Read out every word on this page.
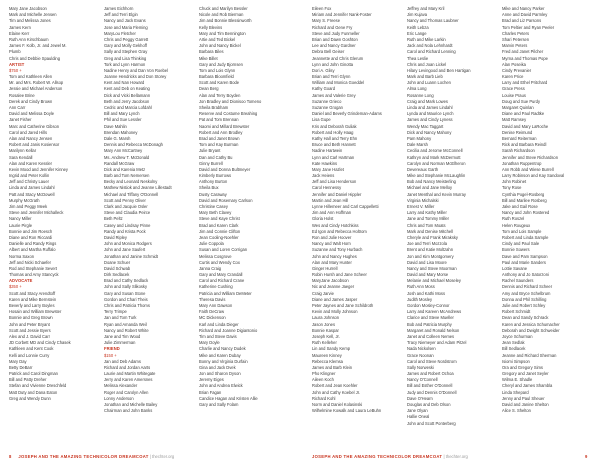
Mary Jane Jacobson
Mark and Michelle Jensen
Tim and Melissa Jones
James Kern
Elaine Kerr
Ruth Ann Kirschbaum
James F. Kolb, Jr. and Jewel M.
Plumb
Chris and Debbie Spaulding
ARTIST
$750 +
Tom and Kathleen Allen
Mr. and Mrs. Robert W. Allsop
Jessie and Michael Anderson
Rosalee Brine
Derek and Cindy Brown
Ann Carr
David and Melissa Doyle
Janet Fisher
Marc and Catherine Gibson
Carol and Jared Hills
Alan and Nancy Jensen
Robert and Janis Kosiensor
Marilynn Kellar
Sara Kendall
Alan and Karen Kessler
Kevin Mood and Jennifer Kinney
Ingrid and Peter Kollin
Jeff and Christy Lauer
Linda and James Lindahl
Patt and Stacy McDowell
Murphy McGrath
Jim and Peggy Meek
Steve and Jennifer Michalleck
Nancy Miller
Laurie Pirgle
Bonnie and Jim Roesch
Diane and Ron Riccardi
Danielle and Randy Rings
Albert and Martha Ruffalo
Norma Saxon
Jeff and Nicki Schaefer
Rod and Stephanie Severt
Thomas and Amy Stancyck
ADVOCATE
$350 +
Scott and Stacy Arendtoff
Karen and Mike Bernstein
Beverly and Larry Boyles
Hosain and William Brewster
Bonnie and Greg Brown
John and Peter Bryant
Scott and Jessie Byers
Alex and J. David Carr
JD Corbett MD and Cindy Chasek
Kathleen and Kent Cook
Kelli and Lonnie Curry
Mary Day
Betty DeBarr
Patrick and Carol Dingman
Bill and Patty Dreher
Stefan and Vivienne Dreschfeld
Matt Duty and Dana Eaton
Greg and Wendy Dunn
James Eichhorn
Jeff and Terri Elgin
Nancy and Jack Evans
Jose and Maria Fleming
MaryLou Fletcher
Chris and Peggy Garrett
Gary and Molly Gekhoff
Sally and Stephen Gray
Greg and Lisa Thinking
Tork and Lynn Harmon
Nadine Henry and Dan Von Roebel
Joanne Hendricks and Don Storey
Kent and Nan Howard
Kent and Deb on Keating
Dick and Vicki Bellamann
Beth and Jerry Jacobson
Cedric and Marcia Lofdahl
Bill and Mary Lynch
Phil and Sue Lessler
Dave Mahlin
Brendan Mahoney
Dale G. Marsh
Dennis and Rebecca McDonagh
Mary Ann McCartney
Ms. Andrew T. McDonald
Randall McGraw
Dick and Karenia Metz
Barb and Tom Nemersen
Becky and Leonard Neskolny
Mathew Nistiok and Jeanne Lillestadt
Michael and Tiffany O'Donnell
Scott and Penny Oliver
Clark and Jacquie Osler
Steve and Claudia Peirce
Beth Peltz
Casey and Lindsay Pinne
Randy and Krista Pock
David Ripley
John and Monica Rodgers
John and Jane Saufert
Jonathan and Janine Schmidt
Doane Schuer
David Schwab
Dirk Sedlacek
Brad and Cathy Sedlack
John and Sally Slikosky
Gary and Susan Stone
Gordon and Chari Theis
Chris and Patricia Thoms
Terry Trimpe
Jan and Tom Turk
Ryan and Amanda Weil
Nancy and Robert White
Jane and Tim Wood
Julie Zimmerman
FRIEND
$150 +
Jan and Deb Adams
Richard and Jordan Aarts
Laurie and Martin Whitegate
Jerry and Karen Amersnes
Melissa Alexander
Roger and Carolyn Allen
Lonny Anderson
Jonathan and Michelle Bailey
Chairman and John Banks
Chuck and Marilyn Bessler
Nicole and Rob Bierman
Jim and Bonnie Blessinworth
Kelly Blevins
Mary and Tim Bennington
Artie and Ted Bickel
John and Nancy Bickel
Barbara Biles
Mike Billet
Gary and Judy Bjornsen
Tom and Lois Glynn
Barbara Bloomfield
Scott and Karen Bode
Dean Berg
Alan and Terry Boyden
Jon Bradley and Dionisoo Tomeno
Sheila Brabham
Reserve and Costume Breahing
Pat and Tom Brennan
Naomi and Millard Brewster
Robert and Ann Brodley
Brad and Janet Brown
Tom and Kay Burman
Julie Bryant
Dan and Cathy Bu
Ginny Burrell
David and Donna Bultmeyer
Kimberly Burrows
Anthony Burton
Sheila Bux
Dusty Caraway
David and Rosemary Carlson
Christine Casey
Mary Beth Clavey
Steve and Kaye Christ
Brad and Karen Clark
Jim and Connie Clifton
Jean Cooling-Noehler
Julie Coppola
Susan and Loren Corrigan
Melissa Cosgrove
Curtis and Wendy Cox
Janna Craig
Gary and Mary Crandall
Carol and Richard Crane
Katherine Cushing
Patricia and William DeMeter
Theresa Davis
Mary Ann Dawson
Faith DeCraw
MC Dickenson
Karl and Linda Dieger
Richard and Joanne Digiantonio
Tim and Steve Davis
Mary Doyle
Charlie and Nancy Dudek
Mike and Karen Dubay
Bonny and Virginia Durfain
Gina and Jack Dvek
Jon and Sharon Dyson
Jeremy Eiges
John and Andrea Elwick
Brian Fagan
Candice Hagan and Kristen Allie
Gary and Sally Folam
Eileen Fox
Miriam and Jennifer Nank-Foster
Mary S. Freese
Richard and Gene Fry
Steve and Judy Funmeller
Brian and Dawn Goshton
Lee and Nancy Gardner
Debra Bell Geiser
Jeannette and Chris Glerum
Lynn and John Ginotta
Dori A. Glisy
Brian and Terri Glynn
William and Monica Goeddel
Kathy Goard
James and Valerie Grey
Suzanne Grieco
Suzanne Grogan
Daniel and Beverly Grindeman-Adams
Lisa Gupe
Kris and Deborah Guliak
Robert and Holly Haag
Kathy Hall and Terry Ehn
Bruce and Beth Hannett
Nadine Hartwein
Lynn and Carl Hartman
Kate Hawkins
Mary Jane Hazlet
Jack Heiens
Jeff and Lisa Henderson
Carol Hennessy
Jennifer and Daniel Hippler
Martin and Jean Hill
Lynne Hillemeer and Carl Cappelletti
Jim and Ann Hoffman
Gloria Holst
Wes and Cindy Hotchkiss
Ed Igon and Rebecca Holtrom
Ron and Julie Hoover
Nancy and Walt Horn
Suzanne and Tony Hurbach
John and Nancy Hughes
Alan and Mary Hunter
Ginger Hurrell
Robin Hursh and Jane Scheer
MaryJane Jacobson
Nic and Jeanne Jaeger
Craig Jarvie
Diane and James Jasper
Peter Jaynes and Jane Schildroth
Kevin and Molly Johnson
Laura Johnson
Jason Jones
Bonnie Kaspar
Joseph Kell, Jr.
Ruth Kelleher
Lin and Sandy Kemp
Maureen Kinney
Rebecca Klemsa
James and Barb Klein
Pho Klingner
Aileen Koch
Robert and Jean Koehler
John and Cathy Koebel Jr.
Richard Kohl
Norm and Daniel Kolasinski
Wilhelmine Kowalk and Laura LeBuhn
Jeffrey and Mary Kril
Jim Kujava
Nancy and Thomas Laubner
Keith Lebza
Eric Lange
Ruth and Mike Larkin
Jack and Nola Lehnhardt
Carol and Richard Lenning
Thea Leslie
Chris and Joan Lickel
Hilary Levingood and Ben Hartigan
Mark and Barb Lieb
John and Luann Lochen
Alma Long
Rosanne Long
Craig and Mark Lowes
Linda and James Lindahl
Lynda and Maurice Lynch
James and Cindy Lyness
Wendy Mac Taggart
Dick and Nancy Mahony
Pam Mahony
Dale Marsh
Cecilia and Jerome McConnell
Kathryn and Mark McDermott
Carolyn and Norman McElheron
Devereaux Garth
Mike and Stephanie McLaughlin
Bob and Nancy Meisterling
Michael and Jane Melloy
Janet Menthal and Kevin Murray
Virginia Michalski
Ernest V. Miller
Larry and Kathy Miller
Jane and Tommy Miller
Chris and Tom Moats
Mark and Denise Mitchell
Cheryle and Frank Miraksky
Joe and Terri Mozzola
Brent and Katie Moltzahn
Jon and Kim Montgomery
David and Lisa Moore
Nancy and Steve Moorman
David and Mary Morse
Melanie and Michael Moseley
Ruth Ann Moss
Josh and Kathi Moss
Judith Mosley
Gordon Mosley-Connor
Larry and Kareen McAndrews
Clarice and Steve Mueller
Bob and Patricia Murphy
Margaret and Ronald Nelson
Janet and Colleen Nemes
Tracy Niemeyer and Adam Pitzel
Nada Nickolsen
Grace Noonan
Carol and Steve Nordstrom
Sally Norweski
James and Robert Ochoa
Nancy O'Connell
Bill and Esther O'Donnell
Judy and Dennis O'Donnell
Dave O'Hearn
Douglas and Deb Olson
Jane Olyan
Hallie Oneal
John and Scott Ponterberg
Mike and Nancy Parker
Anne and David Parmley
Brad and Liz Parsons
Tom Peltier and Ryan Peeler
Charles Peters
Shari Petersen
Marvin Peters
Fred and Janet Pilcher
Myrna and Thomas Pope
Alan Poseika
Cindy Prevanier
Karen Price
Larry and Ethel Pritchard
Grace Press
Louise Praus
Doug and Sue Purdy
Margaret Quinlan
Diane and Paul Radtke
Matt Ramsey
David and Mary LaRoche
Denise Reimund
Bernard Reiterman
Rick and Barbara Reindl
Sarah Richardson
Jennifer and Steve Richardson
Jonathan Ruppentrop
Ann Robb and Wiese Burrell
Larry Robinson and Kay Sandoval
John Robinet
Tony Rose
Cynthia Pogel-Rosberg
Bill and Marilee Rosberg
Jake and Gail Rose
Nancy and John Rostered
Ruth Roszel
Helen Rougeux
Tom and Lois Sample
Robert and Linda Sample
Cindy and Paul Sale
Bonnie Sowers
Dave and Pam Sampson
Paul and Marie Sanders
Lottie Savane
Anthony and Jo Satorzoni
Rachel Saunders
Dennis and Richard Scheer
Amy and Bryce Schelbrum
Donna and Phil Schilling
Julie and Robert Schley
Robert Schmidt
Dean and Sandy Schrack
Karen and Jessica Schumacher
Deborah and Dwight Schweider
Joyce Schurman
Jean Sedlak
Bill Sedlacek
Jeanne and Richard Sherman
Isiomi Simpson
Ora and Gregory Sims
Gregory and Janet Seyler
Wilma E. Shadle
Cheryl and James Shambla
Linda Shepard
Jenny and Paul Sheuer
David and Janine Shelton
Alice S. Shelton
8 JOSEPH AND THE AMAZING TECHNICOLOR DREAMCOAT | thechter.org	JOSEPH AND THE AMAZING TECHNICOLOR DREAMCOAT | thechter.org	9
